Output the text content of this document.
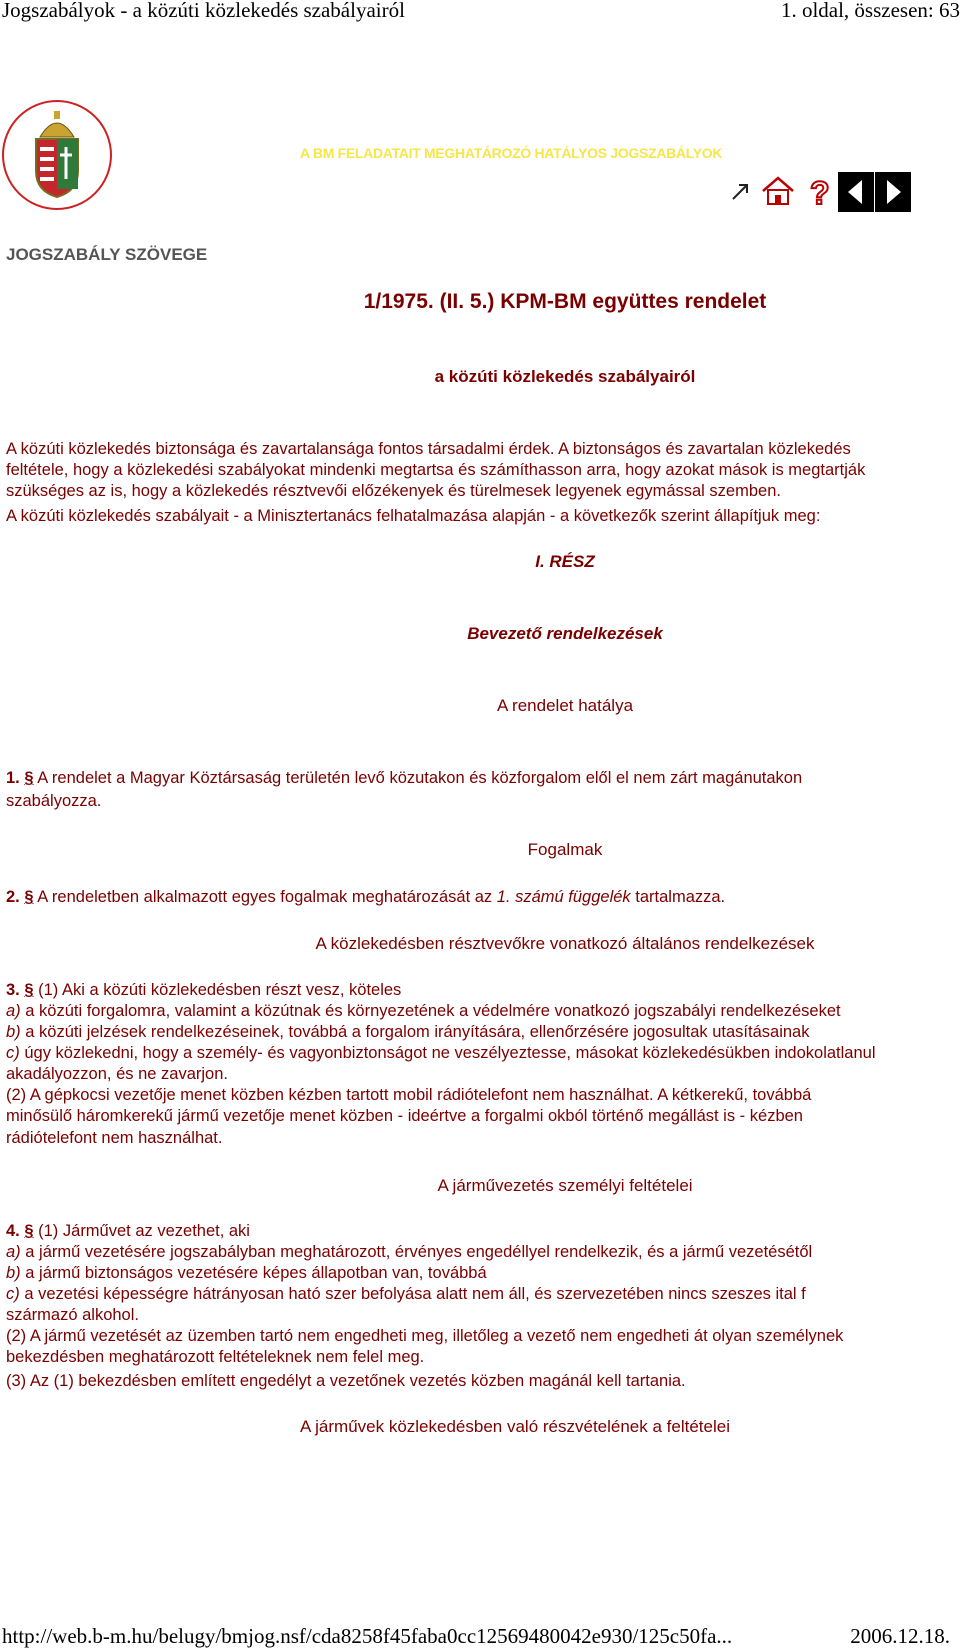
Jogszabályok - a közúti közlekedés szabályairól	1. oldal, összesen: 63
A BM FELADATAIT MEGHATÁROZÓ HATÁLYOS JOGSZABÁLYOK
?
JOGSZABÁLY SZÖVEGE
1/1975. (II. 5.) KPM-BM együttes rendelet
a közúti közlekedés szabályairól
A közúti közlekedés biztonsága és zavartalansága fontos társadalmi érdek. A biztonságos és zavartalan közlekedés
feltétele, hogy a közlekedési szabályokat mindenki megtartsa és számíthasson arra, hogy azokat mások is megtartják
szükséges az is, hogy a közlekedés résztvevői előzékenyek és türelmesek legyenek egymással szemben.
A közúti közlekedés szabályait - a Minisztertanács felhatalmazása alapján - a következők szerint állapítjuk meg:
I. RÉSZ
Bevezető rendelkezések
A rendelet hatálya
1. § A rendelet a Magyar Köztársaság területén levő közutakon és közforgalom elől el nem zárt magánutakon
szabályozza.
Fogalmak
2. § A rendeletben alkalmazott egyes fogalmak meghatározását az 1. számú függelék tartalmazza.
A közlekedésben résztvevőkre vonatkozó általános rendelkezések
3. § (1) Aki a közúti közlekedésben részt vesz, köteles
a) a közúti forgalomra, valamint a közútnak és környezetének a védelmére vonatkozó jogszabályi rendelkezéseket
b) a közúti jelzések rendelkezéseinek, továbbá a forgalom irányítására, ellenőrzésére jogosultak utasításainak
c) úgy közlekedni, hogy a személy- és vagyonbiztonságot ne veszélyeztesse, másokat közlekedésükben indokolatlanul
akadályozzon, és ne zavarjon.
(2) A gépkocsi vezetője menet közben kézben tartott mobil rádiótelefont nem használhat. A kétkerekű, továbbá
minősülő háromkerekű jármű vezetője menet közben - ideértve a forgalmi okból történő megállást is - kézben
rádiótelefont nem használhat.
A járművezetés személyi feltételei
4. § (1) Járművet az vezethet, aki
a) a jármű vezetésére jogszabályban meghatározott, érvényes engedéllyel rendelkezik, és a jármű vezetésétől
b) a jármű biztonságos vezetésére képes állapotban van, továbbá
c) a vezetési képességre hátrányosan ható szer befolyása alatt nem áll, és szervezetében nincs szeszes ital f
származó alkohol.
(2) A jármű vezetését az üzemben tartó nem engedheti meg, illetőleg a vezető nem engedheti át olyan személynek
bekezdésben meghatározott feltételeknek nem felel meg.
(3) Az (1) bekezdésben említett engedélyt a vezetőnek vezetés közben magánál kell tartania.
A járművek közlekedésben való részvételének a feltételei
http://web.b-m.hu/belugy/bmjog.nsf/cda8258f45faba0cc12569480042e930/125c50fa...	2006.12.18.
